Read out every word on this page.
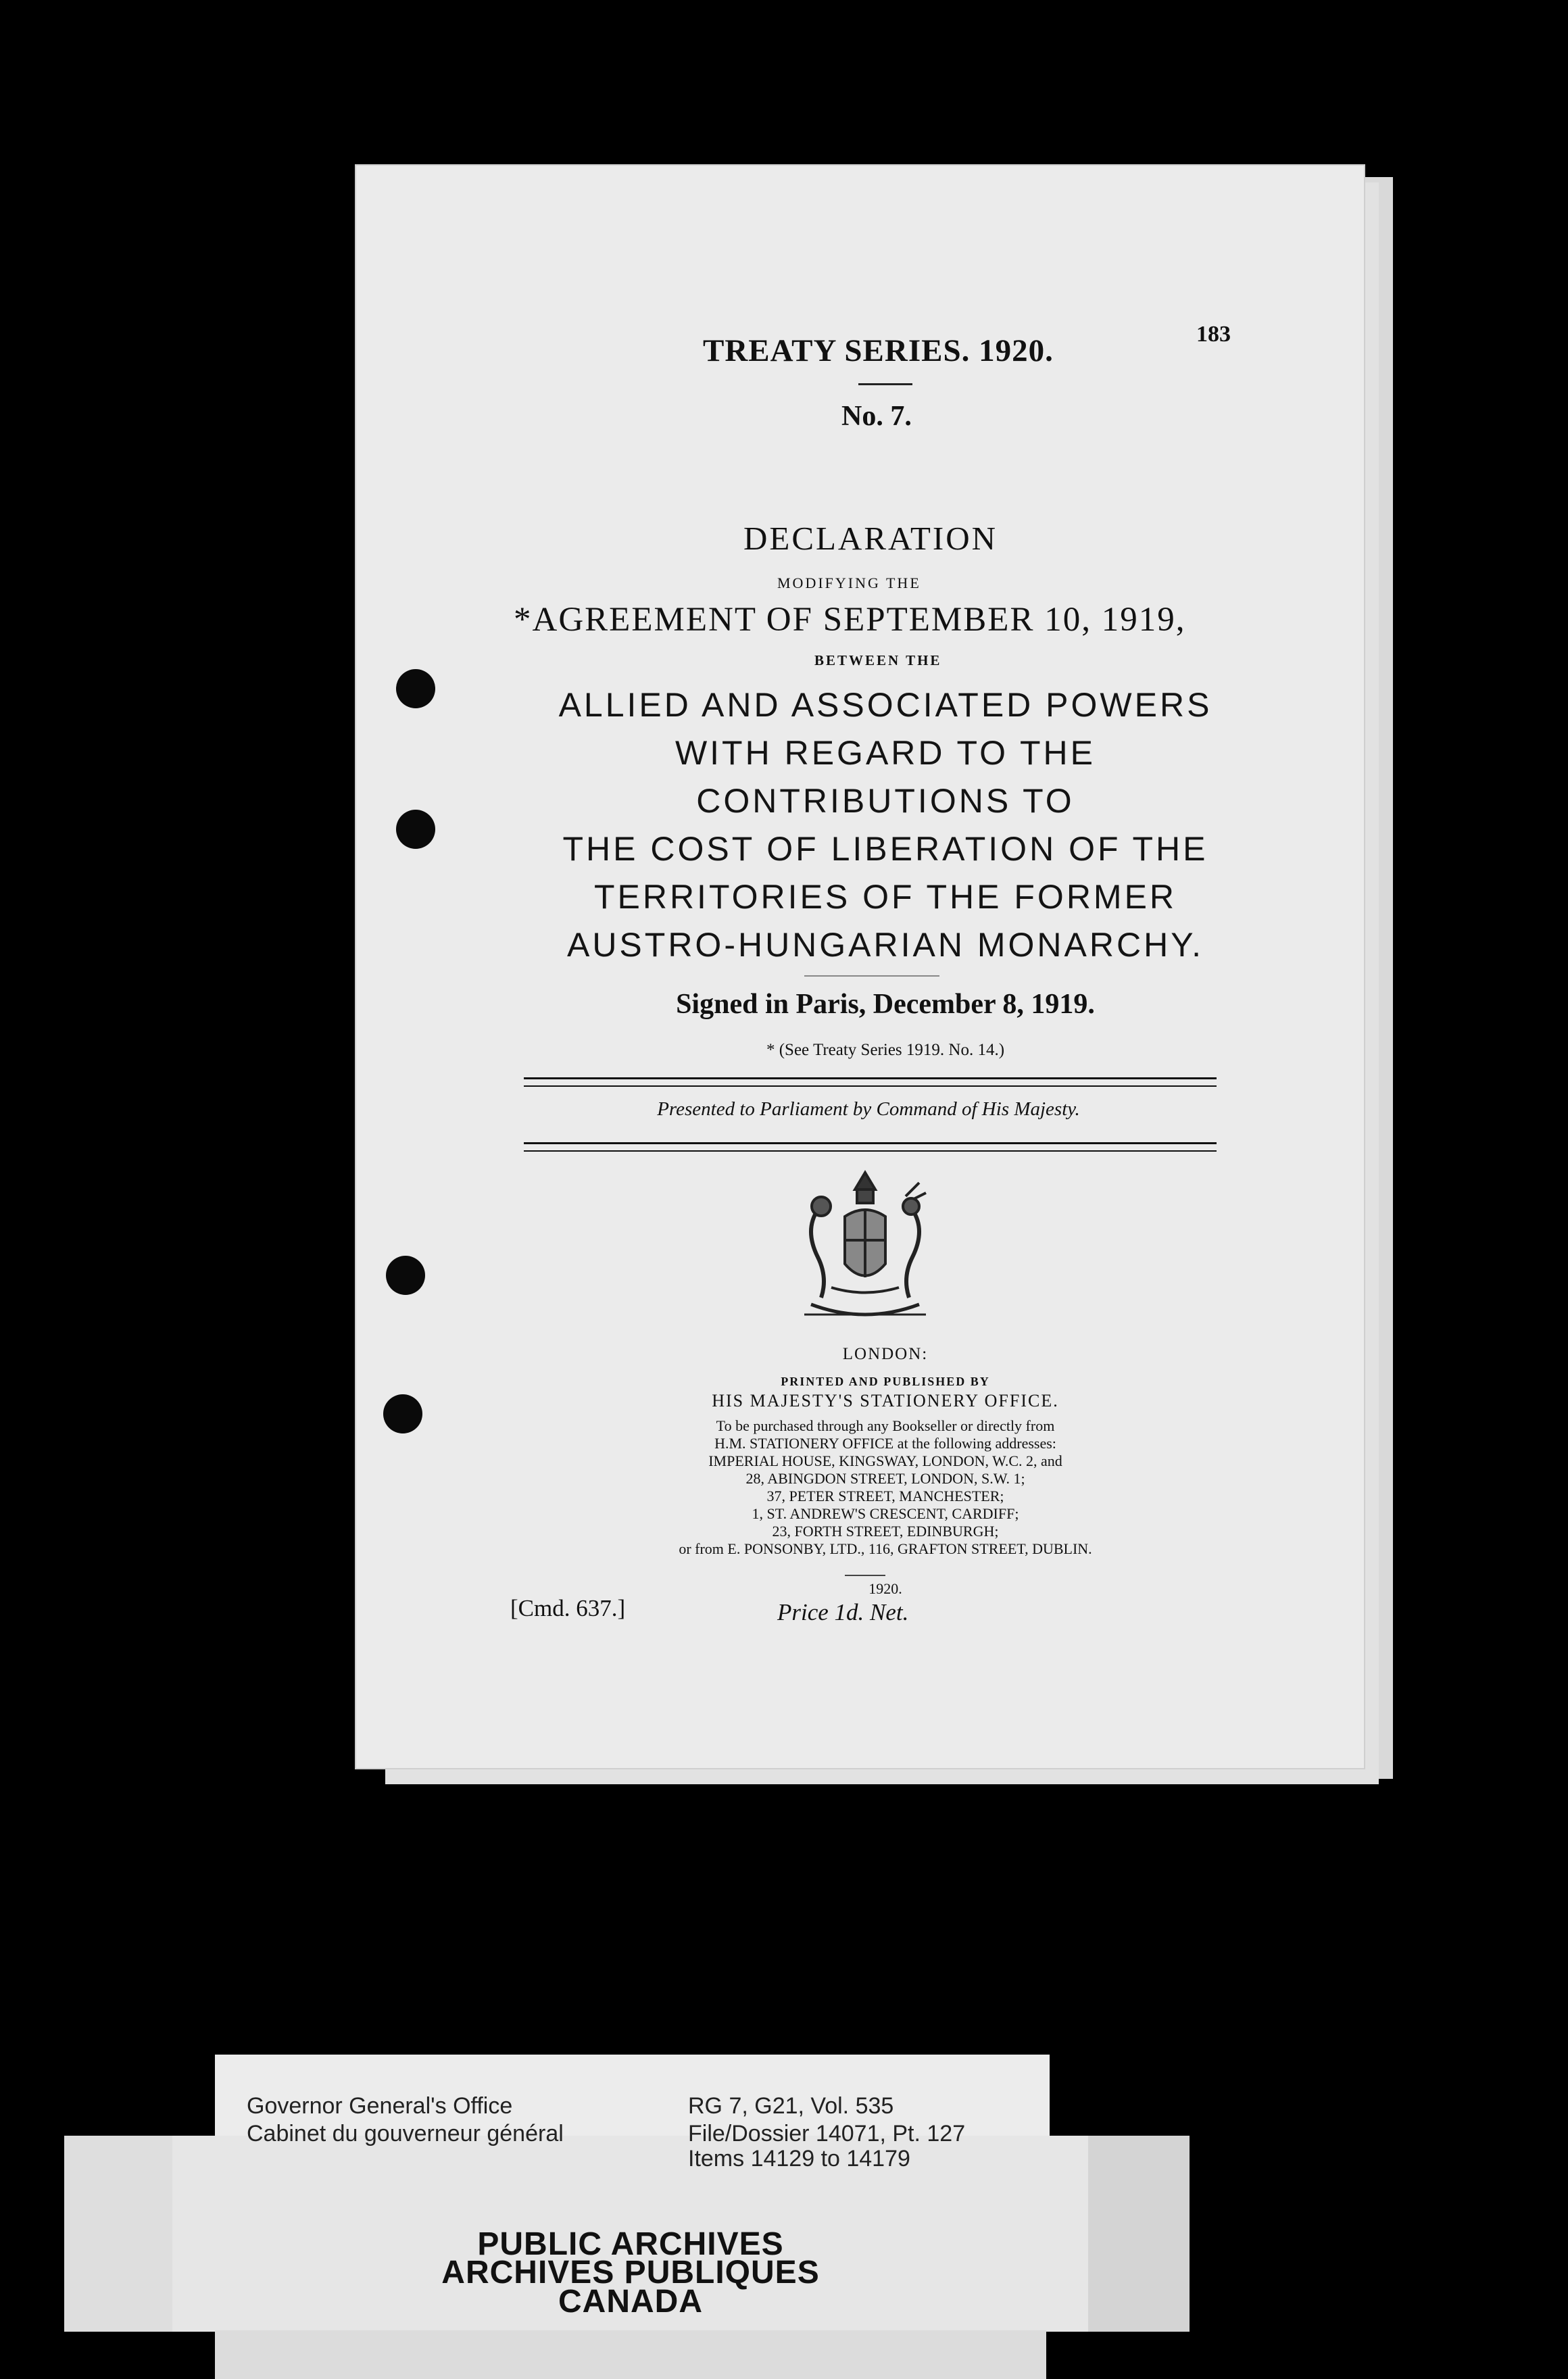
TREATY SERIES. 1920.	183
No. 7.
DECLARATION
MODIFYING THE
*AGREEMENT OF SEPTEMBER 10, 1919,
BETWEEN THE
ALLIED AND ASSOCIATED POWERS
WITH REGARD TO THE
CONTRIBUTIONS TO
THE COST OF LIBERATION OF THE
TERRITORIES OF THE FORMER
AUSTRO-HUNGARIAN MONARCHY.
Signed in Paris, December 8, 1919.
* (See Treaty Series 1919. No. 14.)
Presented to Parliament by Command of His Majesty.
LONDON:
PRINTED AND PUBLISHED BY
HIS MAJESTY'S STATIONERY OFFICE.
To be purchased through any Bookseller or directly from
H.M. STATIONERY OFFICE at the following addresses:
IMPERIAL HOUSE, KINGSWAY, LONDON, W.C. 2, and
28, ABINGDON STREET, LONDON, S.W. 1;
37, PETER STREET, MANCHESTER;
1, ST. ANDREW'S CRESCENT, CARDIFF;
23, FORTH STREET, EDINBURGH;
or from E. PONSONBY, LTD., 116, GRAFTON STREET, DUBLIN.
1920.
[Cmd. 637.]	Price 1d. Net.
Governor General's Office
Cabinet du gouverneur général
RG 7, G21, Vol. 535
File/Dossier 14071, Pt. 127
Items 14129 to 14179
PUBLIC ARCHIVES
ARCHIVES PUBLIQUES
CANADA
